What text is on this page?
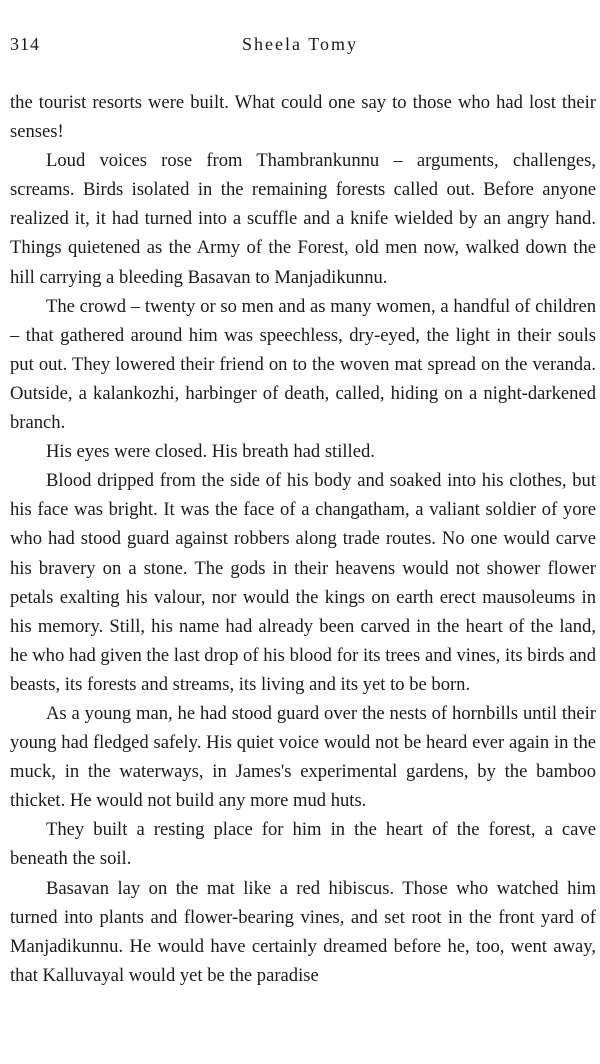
314	Sheela Tomy

the tourist resorts were built. What could one say to those who had lost their senses!

Loud voices rose from Thambrankunnu – arguments, challenges, screams. Birds isolated in the remaining forests called out. Before anyone realized it, it had turned into a scuffle and a knife wielded by an angry hand. Things quietened as the Army of the Forest, old men now, walked down the hill carrying a bleeding Basavan to Manjadikunnu.

The crowd – twenty or so men and as many women, a handful of children – that gathered around him was speechless, dry-eyed, the light in their souls put out. They lowered their friend on to the woven mat spread on the veranda. Outside, a kalankozhi, harbinger of death, called, hiding on a night-darkened branch.

His eyes were closed. His breath had stilled.

Blood dripped from the side of his body and soaked into his clothes, but his face was bright. It was the face of a changatham, a valiant soldier of yore who had stood guard against robbers along trade routes. No one would carve his bravery on a stone. The gods in their heavens would not shower flower petals exalting his valour, nor would the kings on earth erect mausoleums in his memory. Still, his name had already been carved in the heart of the land, he who had given the last drop of his blood for its trees and vines, its birds and beasts, its forests and streams, its living and its yet to be born.

As a young man, he had stood guard over the nests of hornbills until their young had fledged safely. His quiet voice would not be heard ever again in the muck, in the waterways, in James's experimental gardens, by the bamboo thicket. He would not build any more mud huts.

They built a resting place for him in the heart of the forest, a cave beneath the soil.

Basavan lay on the mat like a red hibiscus. Those who watched him turned into plants and flower-bearing vines, and set root in the front yard of Manjadikunnu. He would have certainly dreamed before he, too, went away, that Kalluvayal would yet be the paradise
